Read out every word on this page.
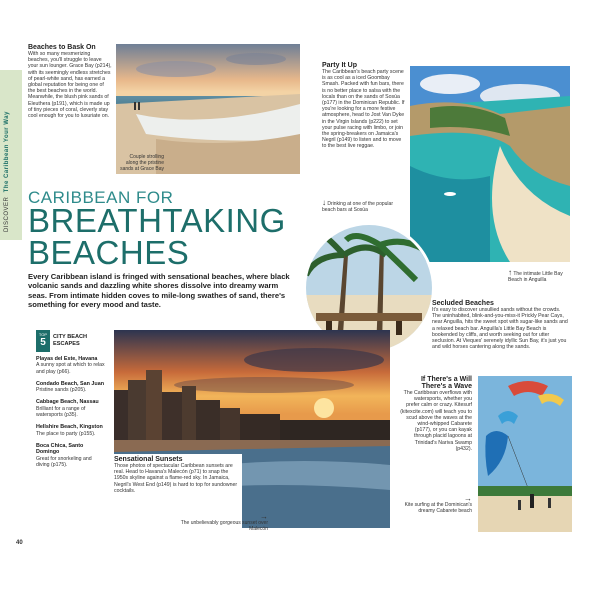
DISCOVER  The Caribbean Your Way
Beaches to Bask On
With so many mesmerizing beaches, you'll struggle to leave your sun lounger. Grace Bay (p214), with its seemingly endless stretches of pearl-white sand, has earned a global reputation for being one of the best beaches in the world. Meanwhile, the blush pink sands of Eleuthera (p191), which is made up of tiny pieces of coral, cleverly stay cool enough for you to luxuriate on.
Couple strolling along the pristine sands at Grace Bay
Party It Up
The Caribbean's beach party scene is as cool as a iced Goombay Smash. Packed with fun bars, there is no better place to salsa with the locals than on the sands of Sosúa (p177) in the Dominican Republic. If you're looking for a more festive atmosphere, head to Jost Van Dyke in the Virgin Islands (p222) to set your pulse racing with limbo, or join the spring-breakers on Jamaica's Negril (p149) to listen and to move to the best live reggae.
↓ Drinking at one of the popular beach bars at Sosúa
↑ The intimate Little Bay Beach in Anguilla
CARIBBEAN FOR
BREATHTAKING
BEACHES
Every Caribbean island is fringed with sensational beaches, where black volcanic sands and dazzling white shores dissolve into dreamy warm seas. From intimate hidden coves to mile-long swathes of sand, there's something for every mood and taste.	Secluded Beaches
It's easy to discover unsullied sands without the crowds. The uninhabited, blink-and-you-miss-it Prickly Pear Cays, near Anguilla, hits the sweet spot with sugar-like sands and a relaxed beach bar. Anguilla's Little Bay Beach is bookended by cliffs, and worth seeking out for utter seclusion. At Vieques' serenely idyllic Sun Bay, it's just you and wild horses cantering along the sands.
TOP
5	CITY BEACH ESCAPES
Playas del Este, Havana
A sunny spot at which to relax and play (p66).
Condado Beach, San Juan
Pristine sands (p205).
Cabbage Beach, Nassau
Brilliant for a range of watersports (p35).
Hellshire Beach, Kingston
The place to party (p155).
Boca Chica, Santo Domingo
Great for snorkeling and diving (p175).
Sensational Sunsets
Those photos of spectacular Caribbean sunsets are real. Head to Havana's Malecón (p71) to snap the 1950s skyline against a flame-red sky. In Jamaica, Negril's West End (p149) is hard to top for sundowner cocktails.
→
The unbelievably gorgeous sunset over Malecón
If There's a Will There's a Wave
The Caribbean overflows with watersports, whether you prefer calm or crazy. Kitesurf (kitexcite.com) will teach you to scud above the waves at the wind-whipped Cabarete (p177), or you can kayak through placid lagoons at Trinidad's Nariva Swamp (p432).
→
Kite surfing at the Dominican's dreamy Cabarete beach
40
